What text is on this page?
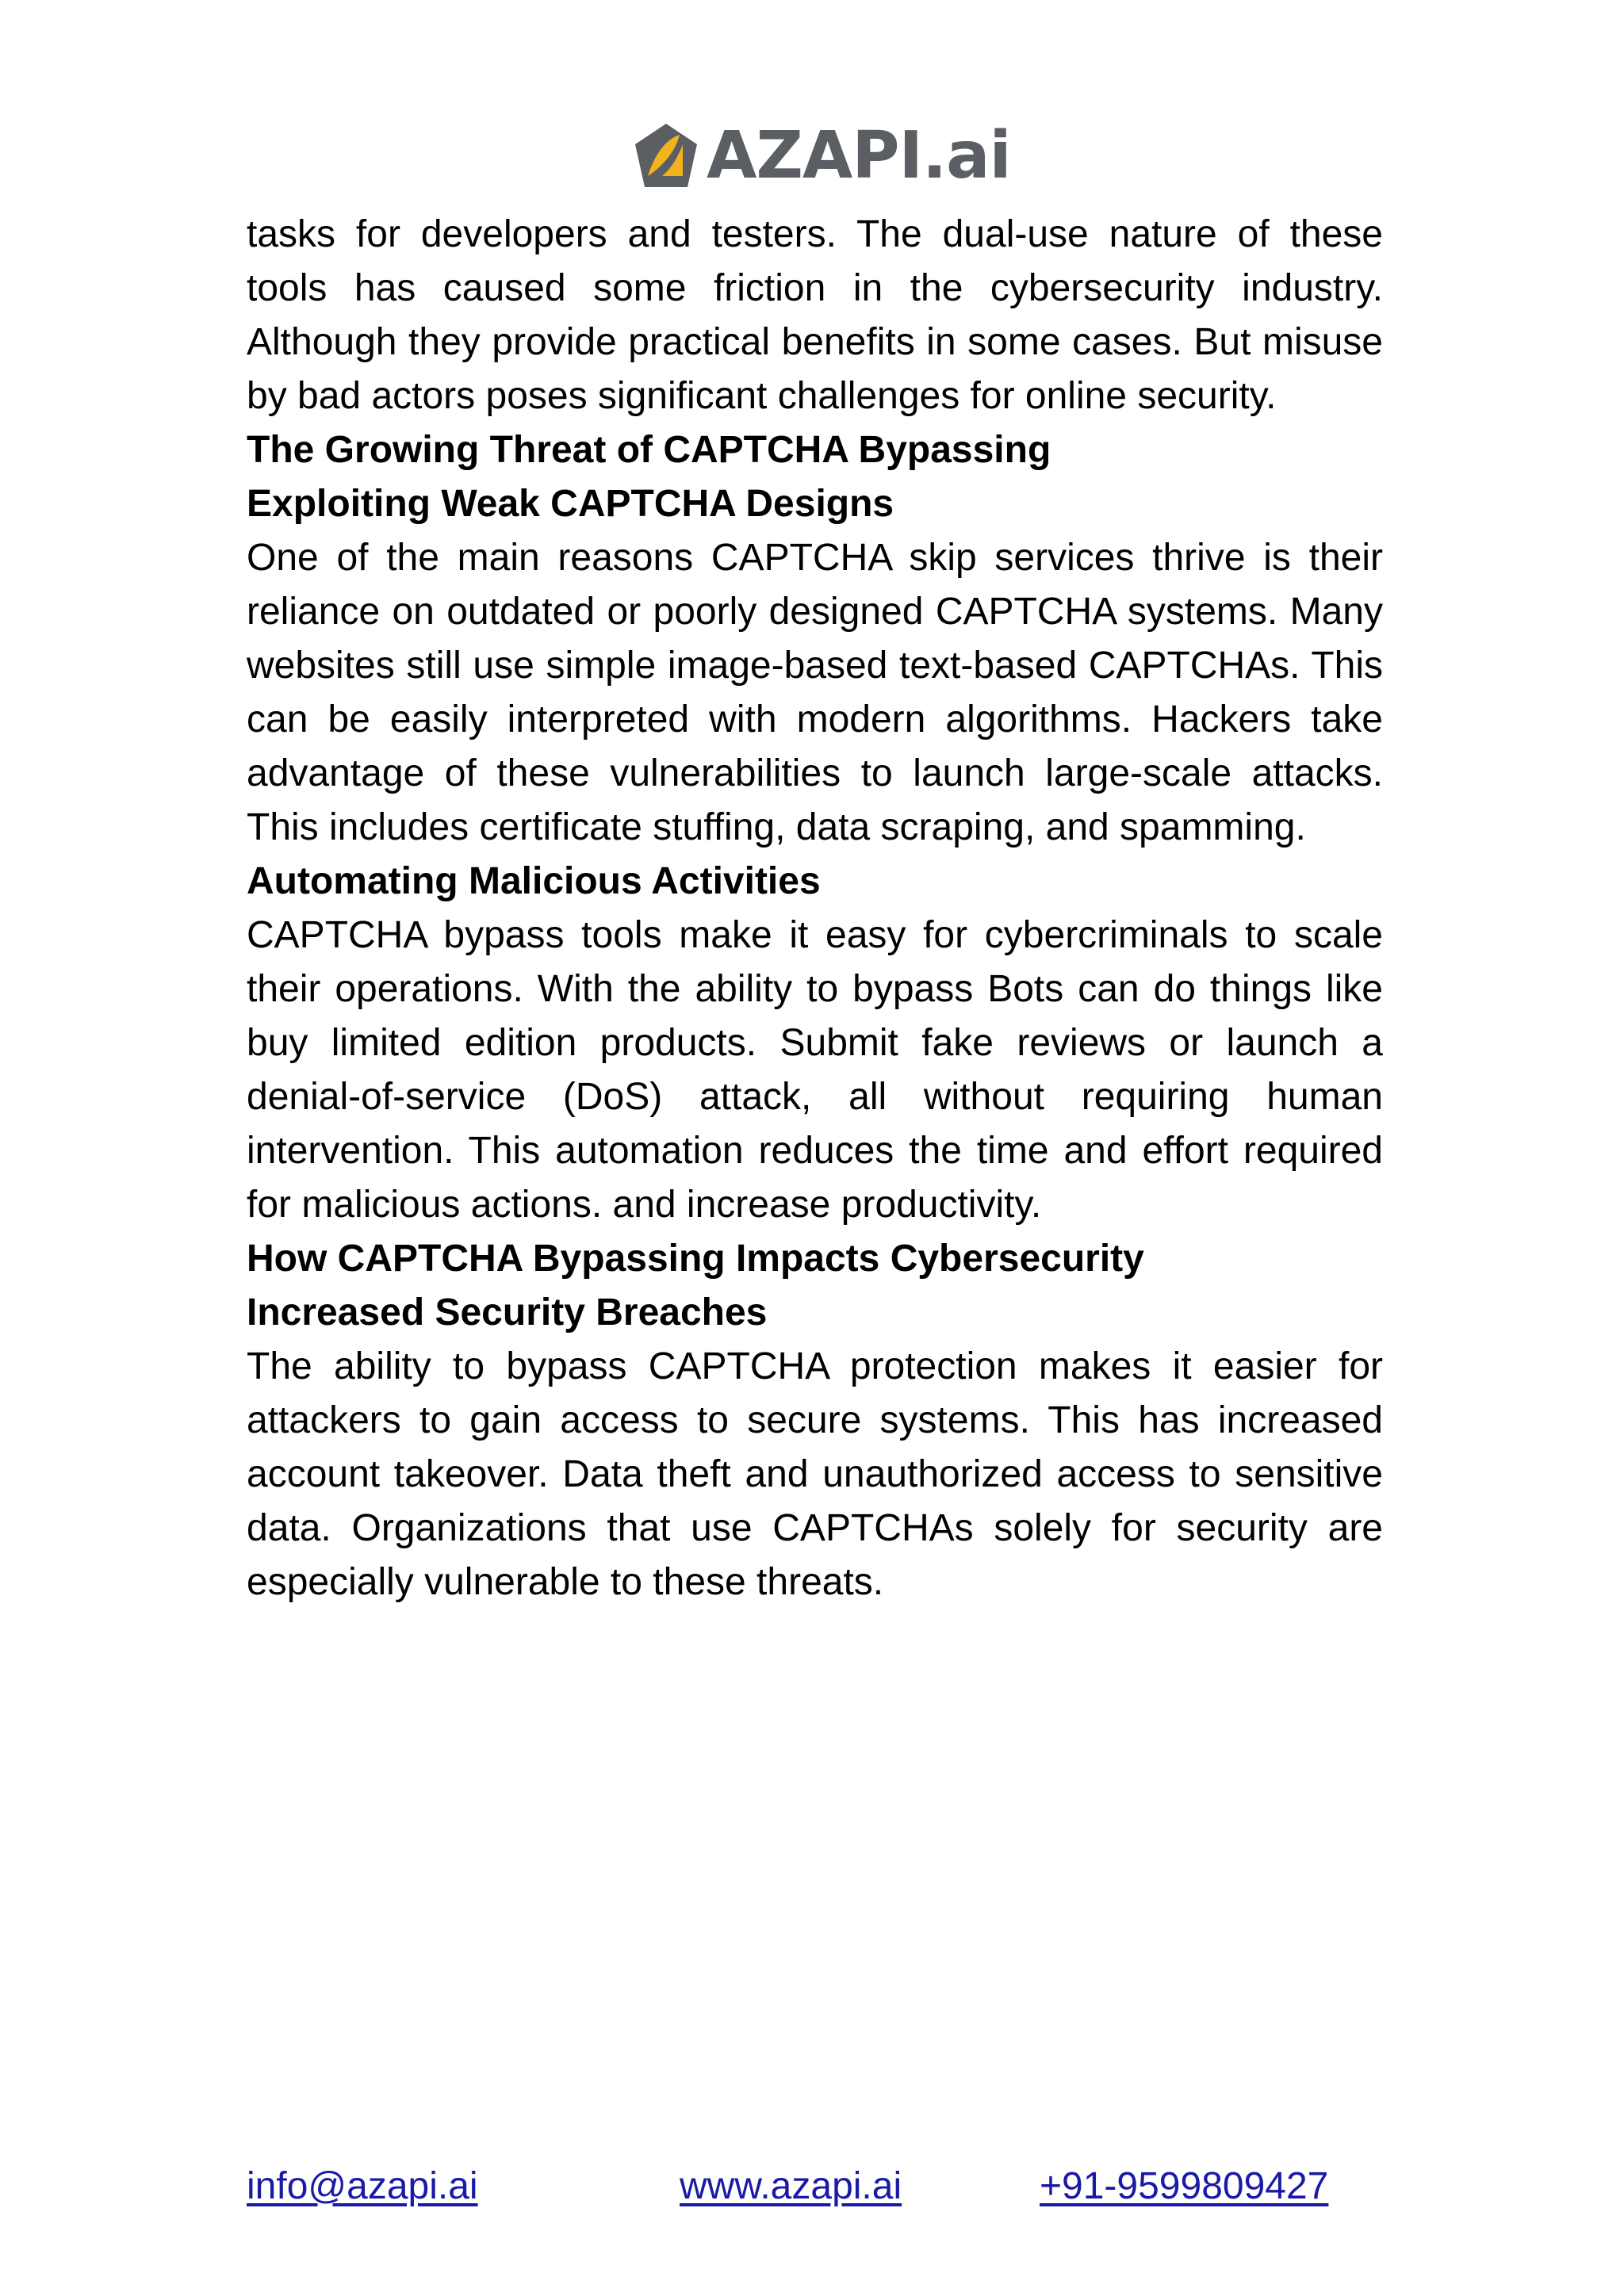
AZAPI.ai

tasks for developers and testers. The dual-use nature of these tools has caused some friction in the cybersecurity industry. Although they provide practical benefits in some cases. But misuse by bad actors poses significant challenges for online security.

The Growing Threat of CAPTCHA Bypassing
Exploiting Weak CAPTCHA Designs

One of the main reasons CAPTCHA skip services thrive is their reliance on outdated or poorly designed CAPTCHA systems. Many websites still use simple image-based text-based CAPTCHAs. This can be easily interpreted with modern algorithms. Hackers take advantage of these vulnerabilities to launch large-scale attacks. This includes certificate stuffing, data scraping, and spamming.

Automating Malicious Activities

CAPTCHA bypass tools make it easy for cybercriminals to scale their operations. With the ability to bypass Bots can do things like buy limited edition products. Submit fake reviews or launch a denial-of-service (DoS) attack, all without requiring human intervention. This automation reduces the time and effort required for malicious actions. and increase productivity.

How CAPTCHA Bypassing Impacts Cybersecurity
Increased Security Breaches

The ability to bypass CAPTCHA protection makes it easier for attackers to gain access to secure systems. This has increased account takeover. Data theft and unauthorized access to sensitive data. Organizations that use CAPTCHAs solely for security are especially vulnerable to these threats.

info@azapi.ai	www.azapi.ai	+91-9599809427
